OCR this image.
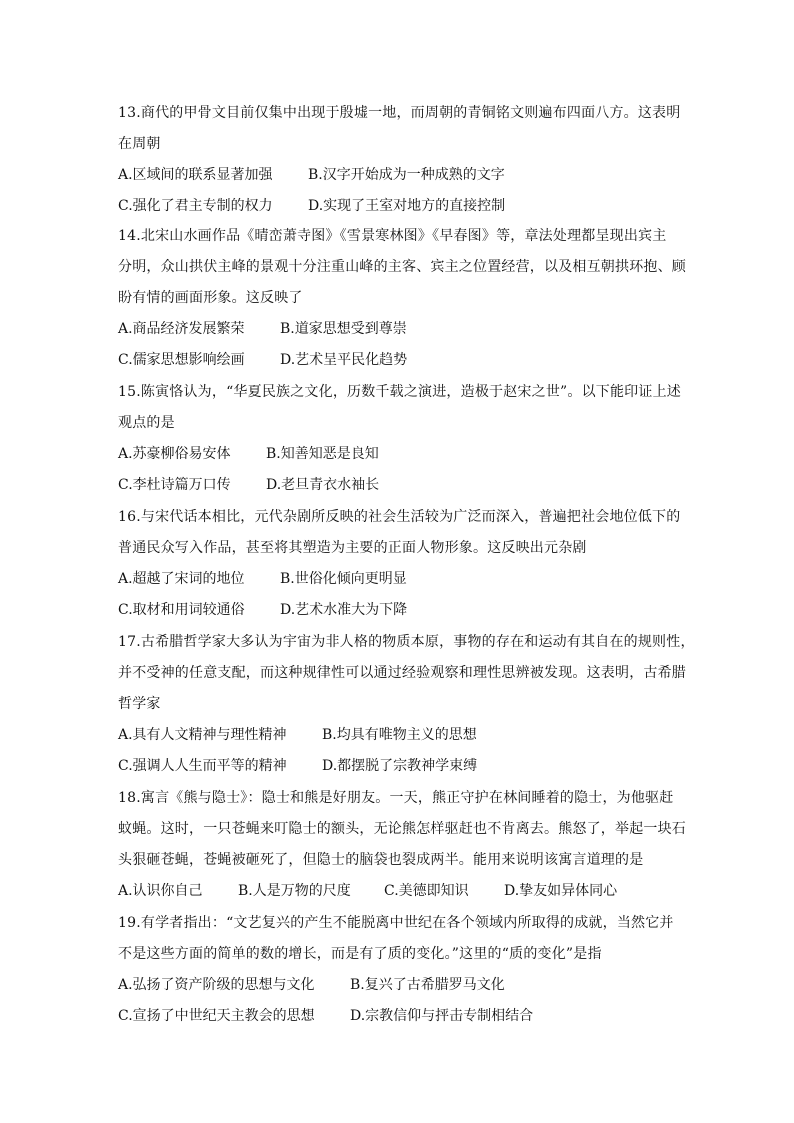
13.商代的甲骨文目前仅集中出现于殷墟一地，而周朝的青铜铭文则遍布四面八方。这表明
在周朝
A.区域间的联系显著加强	B.汉字开始成为一种成熟的文字
C.强化了君主专制的权力	D.实现了王室对地方的直接控制
14.北宋山水画作品《晴峦萧寺图》《雪景寒林图》《早春图》等，章法处理都呈现出宾主
分明，众山拱伏主峰的景观十分注重山峰的主客、宾主之位置经营，以及相互朝拱环抱、顾
盼有情的画面形象。这反映了
A.商品经济发展繁荣	B.道家思想受到尊崇
C.儒家思想影响绘画	D.艺术呈平民化趋势
15.陈寅恪认为，“华夏民族之文化，历数千载之演进，造极于赵宋之世”。以下能印证上述
观点的是
A.苏豪柳俗易安体	B.知善知恶是良知
C.李杜诗篇万口传	D.老旦青衣水袖长
16.与宋代话本相比，元代杂剧所反映的社会生活较为广泛而深入，普遍把社会地位低下的
普通民众写入作品，甚至将其塑造为主要的正面人物形象。这反映出元杂剧
A.超越了宋词的地位	B.世俗化倾向更明显
C.取材和用词较通俗	D.艺术水准大为下降
17.古希腊哲学家大多认为宇宙为非人格的物质本原，事物的存在和运动有其自在的规则性，
并不受神的任意支配，而这种规律性可以通过经验观察和理性思辨被发现。这表明，古希腊
哲学家
A.具有人文精神与理性精神	B.均具有唯物主义的思想
C.强调人人生而平等的精神	D.都摆脱了宗教神学束缚
18.寓言《熊与隐士》：隐士和熊是好朋友。一天，熊正守护在林间睡着的隐士，为他驱赶
蚊蝇。这时，一只苍蝇来叮隐士的额头，无论熊怎样驱赶也不肯离去。熊怒了，举起一块石
头狠砸苍蝇，苍蝇被砸死了，但隐士的脑袋也裂成两半。能用来说明该寓言道理的是
A.认识你自己	B.人是万物的尺度	C.美德即知识	D.挚友如异体同心
19.有学者指出：“文艺复兴的产生不能脱离中世纪在各个领域内所取得的成就，当然它并
不是这些方面的简单的数的增长，而是有了质的变化。”这里的“质的变化”是指
A.弘扬了资产阶级的思想与文化	B.复兴了古希腊罗马文化
C.宣扬了中世纪天主教会的思想	D.宗教信仰与抨击专制相结合
